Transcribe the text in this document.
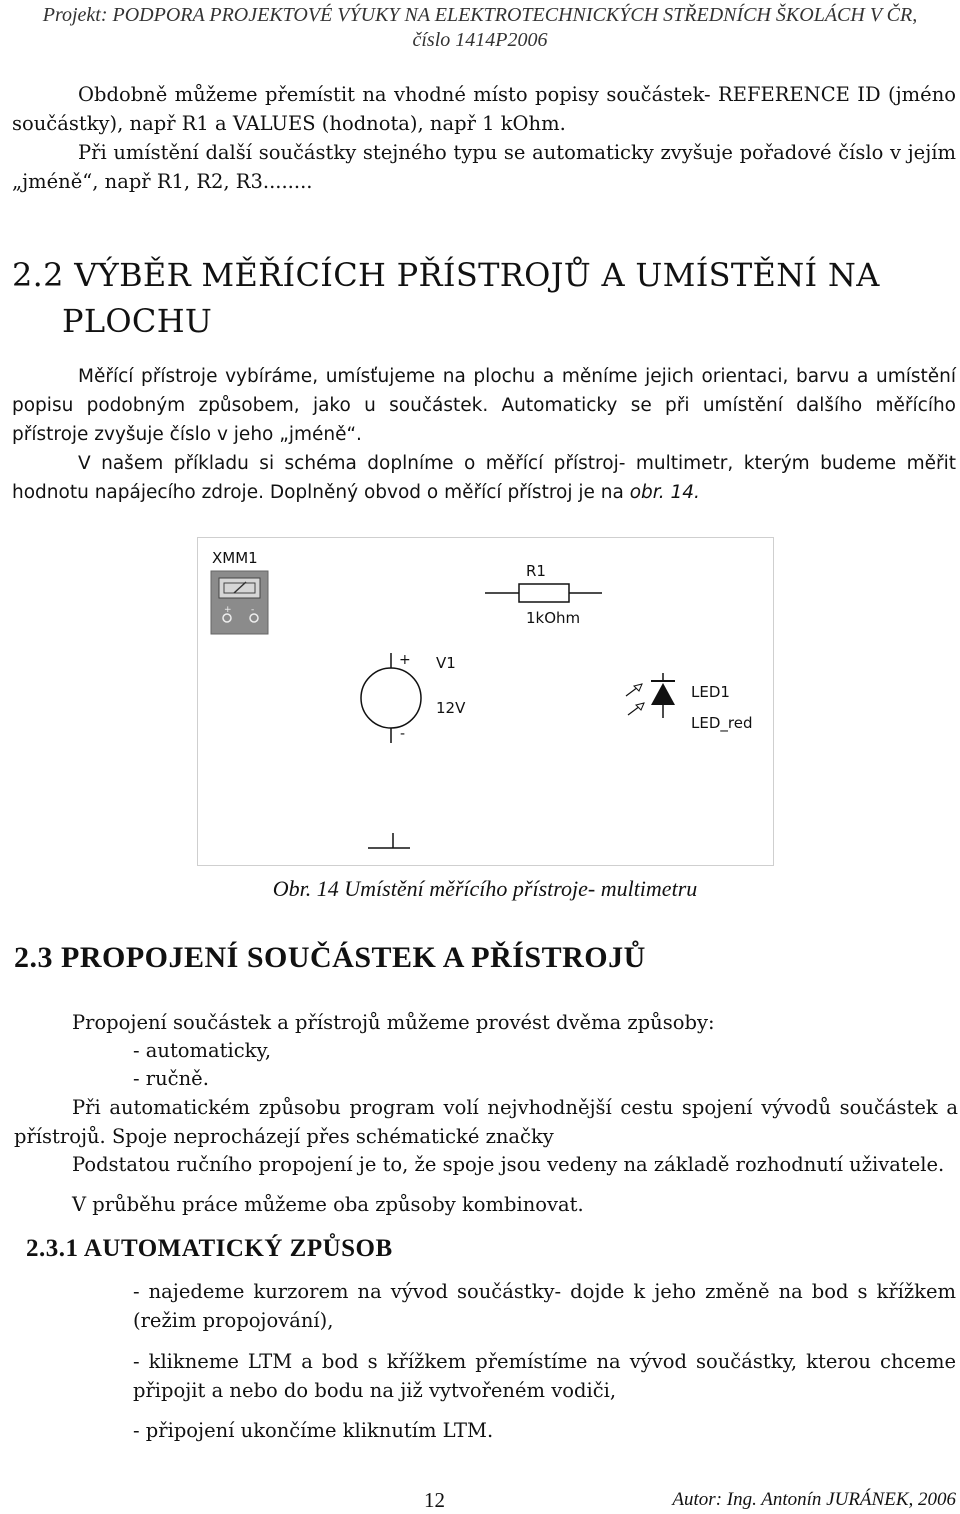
Projekt: PODPORA PROJEKTOVÉ VÝUKY NA ELEKTROTECHNICKÝCH STŘEDNÍCH ŠKOLÁCH V ČR,
číslo 1414P2006

Obdobně můžeme přemístit na vhodné místo popisy součástek- REFERENCE ID (jméno součástky), např R1 a VALUES (hodnota), např 1 kOhm.

Při umístění další součástky stejného typu se automaticky zvyšuje pořadové číslo v jejím „jméně“, např R1, R2, R3........

2.2 VÝBĚR MĚŘÍCÍCH PŘÍSTROJŮ A UMÍSTĚNÍ NA
PLOCHU

Měřící přístroje vybíráme, umísťujeme na plochu a měníme jejich orientaci, barvu a umístění popisu podobným způsobem, jako u součástek. Automaticky se při umístění dalšího měřícího přístroje zvyšuje číslo v jeho „jméně“.

V našem příkladu si schéma doplníme o měřící přístroj- multimetr, kterým budeme měřit hodnotu napájecího zdroje. Doplněný obvod o měřící přístroj je na obr. 14.

XMM1
+ -
R1
1kOhm
+
-
V1
12V
LED1
LED_red
Obr. 14 Umístění měřícího přístroje- multimetru
2.3 PROPOJENÍ SOUČÁSTEK A PŘÍSTROJŮ

Propojení součástek a přístrojů můžeme provést dvěma způsoby:

- automaticky,

- ručně.

Při automatickém způsobu program volí nejvhodnější cestu spojení vývodů součástek a přístrojů. Spoje neprocházejí přes schématické značky

Podstatou ručního propojení je to, že spoje jsou vedeny na základě rozhodnutí uživatele.

V průběhu práce můžeme oba způsoby kombinovat.

2.3.1 AUTOMATICKÝ ZPŮSOB

- najedeme kurzorem na vývod součástky- dojde k jeho změně na bod s křížkem (režim propojování),

- klikneme LTM a bod s křížkem přemístíme na vývod součástky, kterou chceme připojit a nebo do bodu na již vytvořeném vodiči,

- připojení ukončíme kliknutím LTM.

12	Autor: Ing. Antonín JURÁNEK, 2006
